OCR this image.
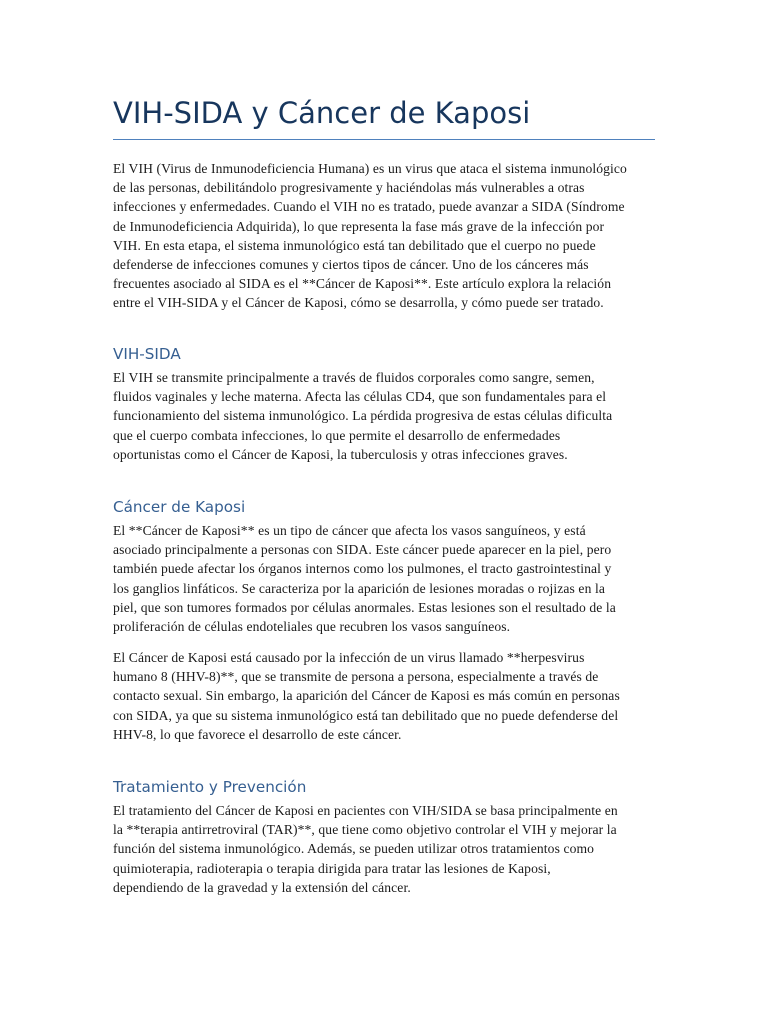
VIH-SIDA y Cáncer de Kaposi

El VIH (Virus de Inmunodeficiencia Humana) es un virus que ataca el sistema inmunológico
de las personas, debilitándolo progresivamente y haciéndolas más vulnerables a otras
infecciones y enfermedades. Cuando el VIH no es tratado, puede avanzar a SIDA (Síndrome
de Inmunodeficiencia Adquirida), lo que representa la fase más grave de la infección por
VIH. En esta etapa, el sistema inmunológico está tan debilitado que el cuerpo no puede
defenderse de infecciones comunes y ciertos tipos de cáncer. Uno de los cánceres más
frecuentes asociado al SIDA es el **Cáncer de Kaposi**. Este artículo explora la relación
entre el VIH-SIDA y el Cáncer de Kaposi, cómo se desarrolla, y cómo puede ser tratado.

VIH-SIDA

El VIH se transmite principalmente a través de fluidos corporales como sangre, semen,
fluidos vaginales y leche materna. Afecta las células CD4, que son fundamentales para el
funcionamiento del sistema inmunológico. La pérdida progresiva de estas células dificulta
que el cuerpo combata infecciones, lo que permite el desarrollo de enfermedades
oportunistas como el Cáncer de Kaposi, la tuberculosis y otras infecciones graves.

Cáncer de Kaposi

El **Cáncer de Kaposi** es un tipo de cáncer que afecta los vasos sanguíneos, y está
asociado principalmente a personas con SIDA. Este cáncer puede aparecer en la piel, pero
también puede afectar los órganos internos como los pulmones, el tracto gastrointestinal y
los ganglios linfáticos. Se caracteriza por la aparición de lesiones moradas o rojizas en la
piel, que son tumores formados por células anormales. Estas lesiones son el resultado de la
proliferación de células endoteliales que recubren los vasos sanguíneos.

El Cáncer de Kaposi está causado por la infección de un virus llamado **herpesvirus
humano 8 (HHV-8)**, que se transmite de persona a persona, especialmente a través de
contacto sexual. Sin embargo, la aparición del Cáncer de Kaposi es más común en personas
con SIDA, ya que su sistema inmunológico está tan debilitado que no puede defenderse del
HHV-8, lo que favorece el desarrollo de este cáncer.

Tratamiento y Prevención

El tratamiento del Cáncer de Kaposi en pacientes con VIH/SIDA se basa principalmente en
la **terapia antirretroviral (TAR)**, que tiene como objetivo controlar el VIH y mejorar la
función del sistema inmunológico. Además, se pueden utilizar otros tratamientos como
quimioterapia, radioterapia o terapia dirigida para tratar las lesiones de Kaposi,
dependiendo de la gravedad y la extensión del cáncer.
